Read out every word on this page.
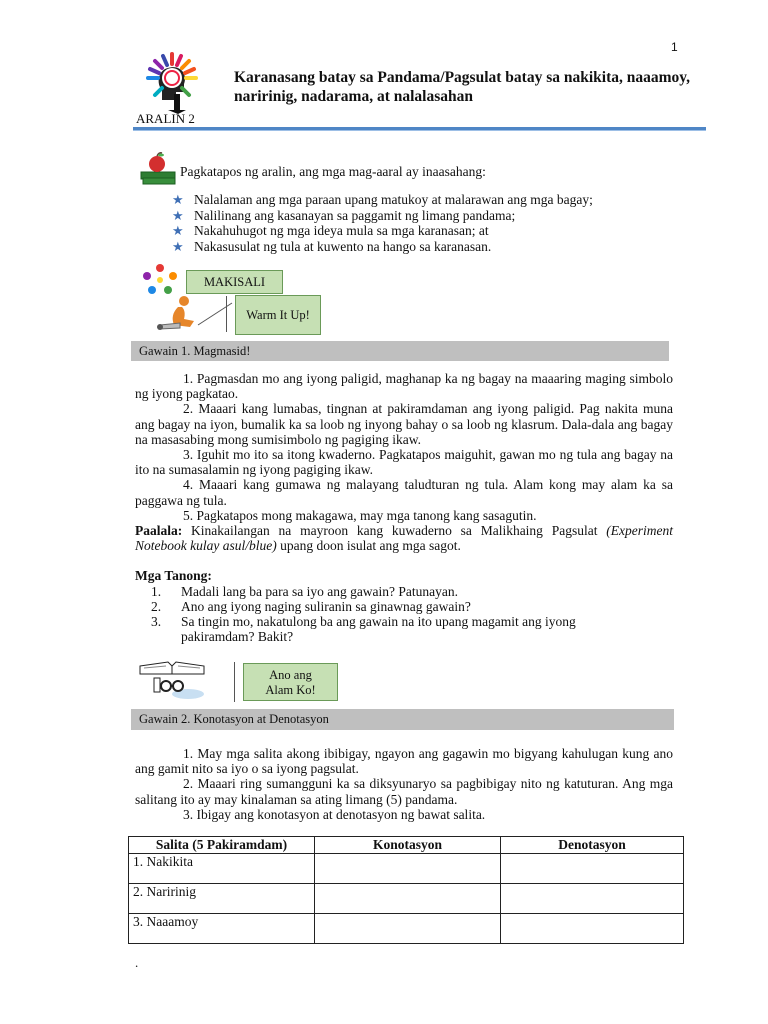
1
Karanasang batay sa Pandama/Pagsulat batay sa nakikita, naaamoy, naririnig, nadarama, at nalalasahan
ARALIN 2
Pagkatapos ng aralin, ang mga mag-aaral ay inaasahang:
★ Nalalaman ang mga paraan upang matukoy at malarawan ang mga bagay;
★ Nalilinang ang kasanayan sa paggamit ng limang pandama;
★ Nakahuhugot ng mga ideya mula sa mga karanasan; at
★ Nakasusulat ng tula at kuwento na hango sa karanasan.
MAKISALI
Warm It Up!
Gawain 1. Magmasid!

1. Pagmasdan mo ang iyong paligid, maghanap ka ng bagay na maaaring maging simbolo ng iyong pagkatao.

2. Maaari kang lumabas, tingnan at pakiramdaman ang iyong paligid. Pag nakita muna ang bagay na iyon, bumalik ka sa loob ng inyong bahay o sa loob ng klasrum. Dala-dala ang bagay na masasabing mong sumisimbolo ng pagiging ikaw.

3. Iguhit mo ito sa itong kwaderno. Pagkatapos maiguhit, gawan mo ng tula ang bagay na ito na sumasalamin ng iyong pagiging ikaw.

4. Maaari kang gumawa ng malayang taludturan ng tula. Alam kong may alam ka sa paggawa ng tula.

5. Pagkatapos mong makagawa, may mga tanong kang sasagutin.

Paalala: Kinakailangan na mayroon kang kuwaderno sa Malikhaing Pagsulat (Experiment Notebook kulay asul/blue) upang doon isulat ang mga sagot.

Mga Tanong:

1.	Madali lang ba para sa iyo ang gawain? Patunayan.
2.	Ano ang iyong naging suliranin sa ginawnag gawain?
3.	Sa tingin mo, nakatulong ba ang gawain na ito upang magamit ang iyong pakiramdam? Bakit?
Ano ang
Alam Ko!
Gawain 2. Konotasyon at Denotasyon

1. May mga salita akong ibibigay, ngayon ang gagawin mo bigyang kahulugan kung ano ang gamit nito sa iyo o sa iyong pagsulat.

2. Maaari ring sumangguni ka sa diksyunaryo sa pagbibigay nito ng katuturan. Ang mga salitang ito ay may kinalaman sa ating limang (5) pandama.

3. Ibigay ang konotasyon at denotasyon ng bawat salita.

Salita (5 Pakiramdam)	Konotasyon	Denotasyon
1. Nakikita		
2. Naririnig		
3. Naaamoy		
.
